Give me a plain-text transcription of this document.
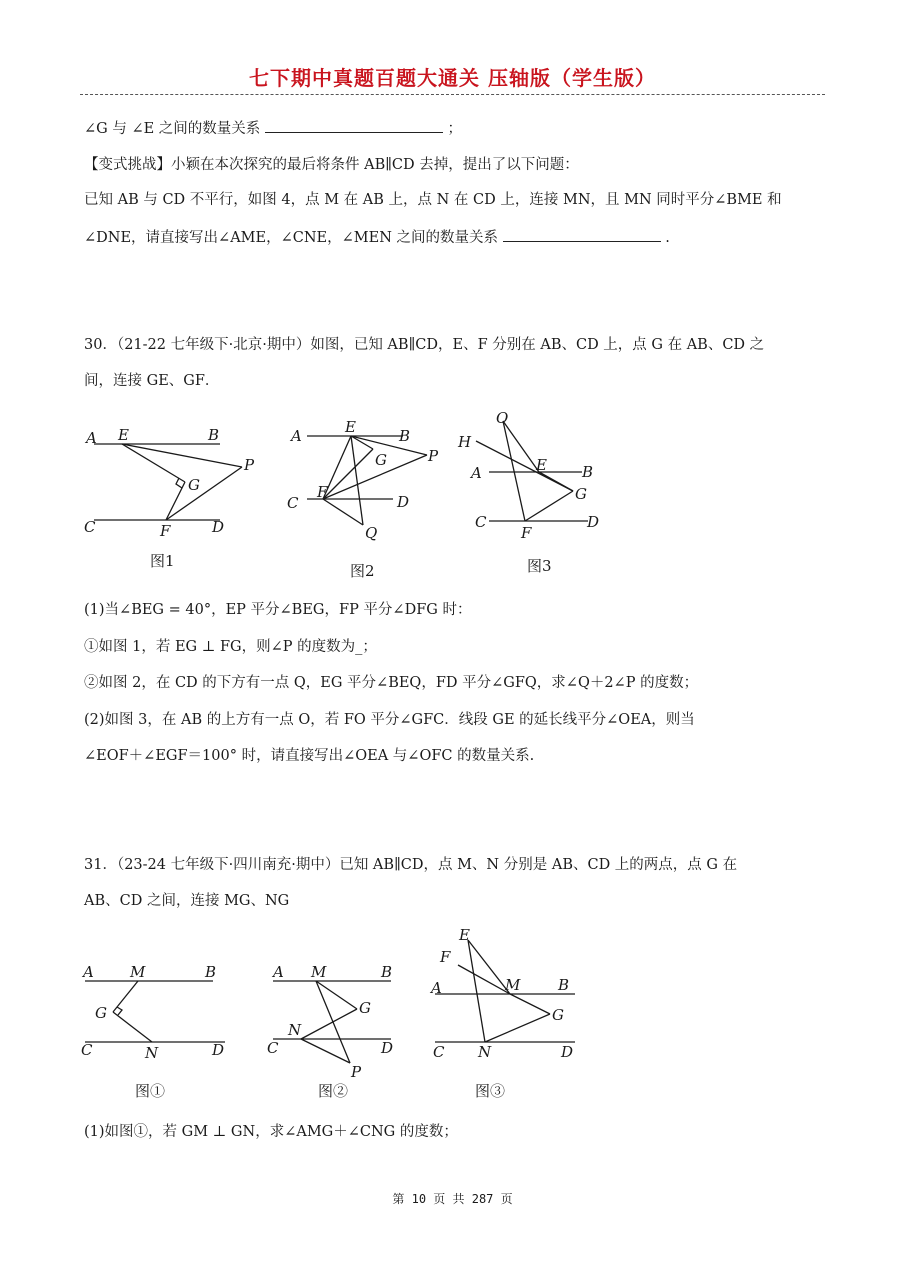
七下期中真题百题大通关 压轴版（学生版）
∠G 与 ∠E 之间的数量关系	；
【变式挑战】小颖在本次探究的最后将条件 AB∥CD 去掉，提出了以下问题：
已知 AB 与 CD 不平行，如图 4，点 M 在 AB 上，点 N 在 CD 上，连接 MN，且 MN 同时平分∠BME 和
∠DNE，请直接写出∠AME，∠CNE，∠MEN 之间的数量关系	.
30．（21-22 七年级下·北京·期中）如图，已知 AB∥CD，E、F 分别在 AB、CD 上，点 G 在 AB、CD 之
间，连接 GE、GF．
A E	B
P
G
C	F	D
图1
A	E	B
G	P
C
F
D
Q
图2
O
H
A	E B
G
C
F
D
图3
(1)当∠BEG = 40°，EP 平分∠BEG，FP 平分∠DFG 时：
①如图 1，若 EG ⊥ FG，则∠P 的度数为_；
②如图 2，在 CD 的下方有一点 Q，EG 平分∠BEQ，FD 平分∠GFQ，求∠Q＋2∠P 的度数；
(2)如图 3，在 AB 的上方有一点 O，若 FO 平分∠GFC．线段 GE 的延长线平分∠OEA，则当
∠EOF＋∠EGF＝100° 时，请直接写出∠OEA 与∠OFC 的数量关系.
31．（23-24 七年级下·四川南充·期中）已知 AB∥CD，点 M、N 分别是 AB、CD 上的两点，点 G 在
AB、CD 之间，连接 MG、NG
A M	B
G
C	N	D
图①
A M	B
G
N
C	D
P
图②
E
F
A	M	B
G
C N	D
图③
(1)如图①，若 GM ⊥ GN，求∠AMG＋∠CNG 的度数；
第 10 页 共 287 页
